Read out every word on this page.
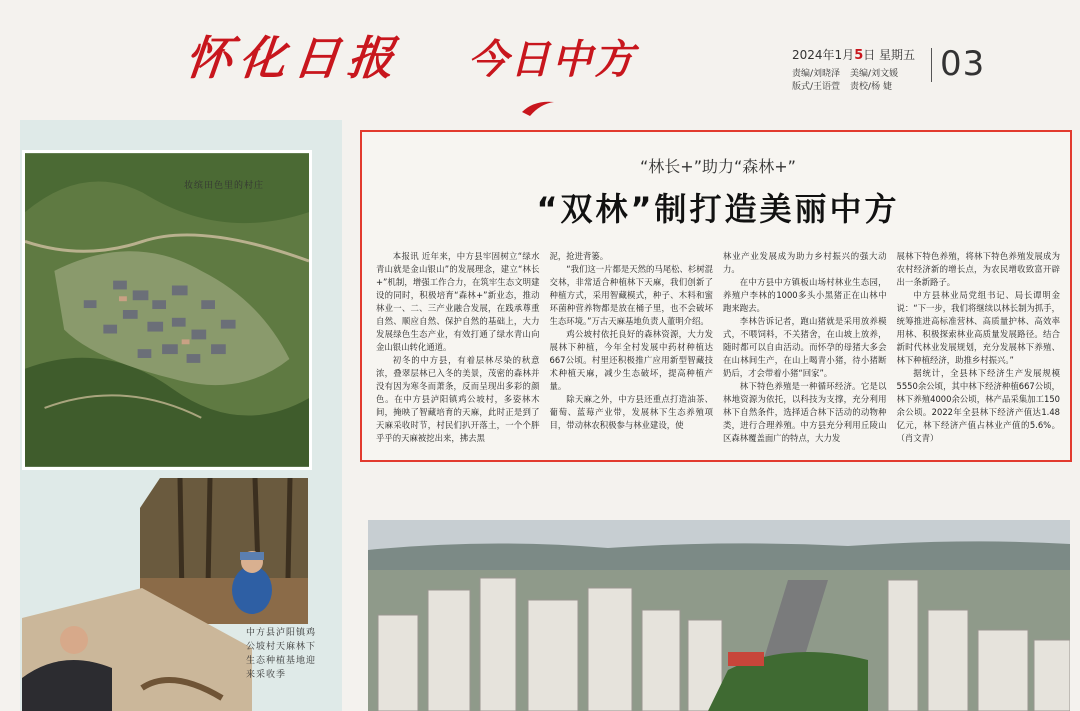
怀化日报 今日中方	2024年1月5日 星期五
责编/刘晓泽 美编/刘文媛
版式/王语萱 责校/杨 婕
03
妆缤田色里的村庄
中方县泸阳镇鸡公坡村天麻林下生态种植基地迎来采收季
“林长+”助力“森林+”
“双林”制打造美丽中方

本报讯 近年来，中方县牢固树立“绿水青山就是金山银山”的发展理念，建立“林长+”机制，增强工作合力，在筑牢生态文明建设的同时，积极培育“森林+”新业态，推动林业一、二、三产业融合发展，在践承尊重自然、顺应自然、保护自然的基础上，大力发展绿色生态产业，有效打通了绿水青山向金山银山转化通道。

初冬的中方县，有着层林尽染的秋意浓，叠翠层林已入冬的美景，茂密的森林并没有因为寒冬而萧条，反而呈现出多彩的颜色。在中方县泸阳镇鸡公坡村，多姿林木间，掩映了智藏培育的天麻，此时正是到了天麻采收时节，村民们扒开落土，一个个胖乎乎的天麻被挖出来，拂去黑

泥，抢进背篓。

“我们这一片都是天然的马尾松、杉树混交林，非常适合种植林下天麻，我们创新了种植方式，采用智藏模式，种子、木料和蜜环菌种营养物都是放在桶子里，也不会破坏生态环境。”万古天麻基地负责人董明介绍。

鸡公坡村依托良好的森林资源，大力发展林下种植，今年全村发展中药材种植达667公顷。村里还积极推广应用新型智藏技术种植天麻，减少生态破坏，提高种植产量。

除天麻之外，中方县还重点打造油茶、葡萄、蓝莓产业带，发展林下生态养殖项目，带动林农积极参与林业建设，使

林业产业发展成为助力乡村振兴的强大动力。

在中方县中方镇板山场村林业生态园，养殖户李林的1000多头小黑猪正在山林中跑来跑去。

李林告诉记者，跑山猪就是采用放养模式，不喂饲料，不关猪舍，在山坡上放养，随时都可以自由活动。而怀孕的母猪大多会在山林间生产，在山上喝青小猪，待小猪断奶后，才会带着小猪“回家”。

林下特色养殖是一种循环经济。它是以林地资源为依托，以科技为支撑，充分利用林下自然条件，选择适合林下活动的动物种类，进行合理养殖。中方县充分利用丘陵山区森林覆盖面广的特点，大力发

展林下特色养殖，将林下特色养殖发展成为农村经济新的增长点，为农民增收致富开辟出一条新路子。

中方县林业局党组书记、局长谭明金说：“下一步，我们将继续以林长制为抓手，统筹推进高标准营林、高质量护林、高效率用林、积极探索林业高质量发展路径。结合新时代林业发展规划，充分发展林下养殖、林下种植经济，助推乡村振兴。”

据统计，全县林下经济生产发展规模5550余公顷，其中林下经济种植667公顷，林下养殖4000余公顷，林产品采集加工150余公顷。2022年全县林下经济产值达1.48亿元，林下经济产值占林业产值的5.6%。（肖文青）
